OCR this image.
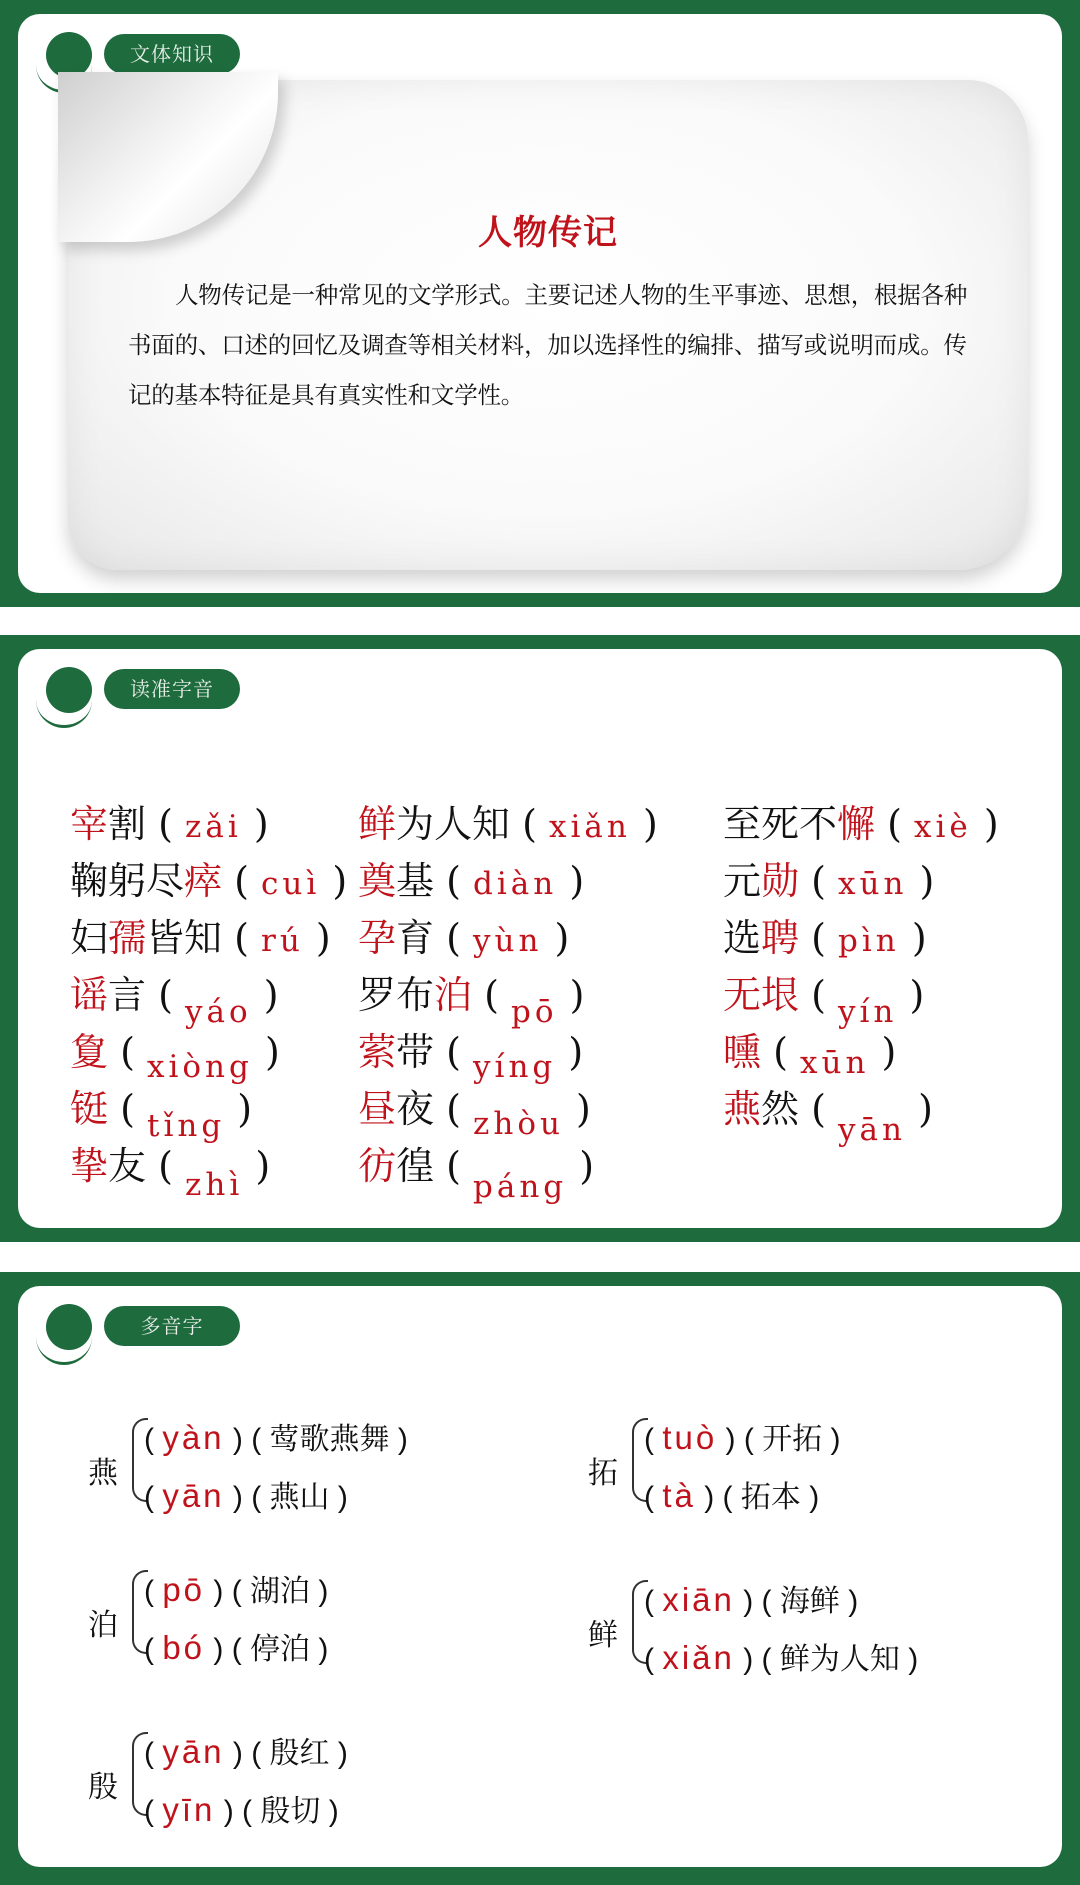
文体知识
人物传记
人物传记是一种常见的文学形式。主要记述人物的生平事迹、思想，根据各种书面的、口述的回忆及调查等相关材料，加以选择性的编排、描写或说明而成。传记的基本特征是具有真实性和文学性。
读准字音
宰割 ( zǎi ) 鲜为人知 ( xiǎn ) 至死不懈 ( xiè )
鞠躬尽瘁 ( cuì ) 奠基 ( diàn )	元勋 ( xūn )
妇孺皆知 ( rú ) 孕育 ( yùn )	选聘 ( pìn )
谣言 ( $_{yáo}$ ) 罗布泊 ( $_{pō}$ )	无垠 ( $_{yín}$ )
夐 ( $_{xiòng}$ ) 萦带 ( $_{yíng}$ )	曛 ( $_{xūn}$ )
铤 ( $_{tǐng}$ )	昼夜 ( $_{zhòu}$ )	燕然 ( $_{yān}$ )
挚友 ( $_{zhì}$ ) 彷徨 ( $_{páng}$ )
多音字
燕
( yàn ) ( 莺歌燕舞 )
( yān ) ( 燕山 )
拓
( tuò ) ( 开拓 )
( tà ) ( 拓本 )
泊
( pō ) ( 湖泊 )
( bó ) ( 停泊 )	鲜
( xiān ) ( 海鲜 )
( xiǎn ) ( 鲜为人知 )
殷
( yān ) ( 殷红 )
( yīn ) ( 殷切 )
